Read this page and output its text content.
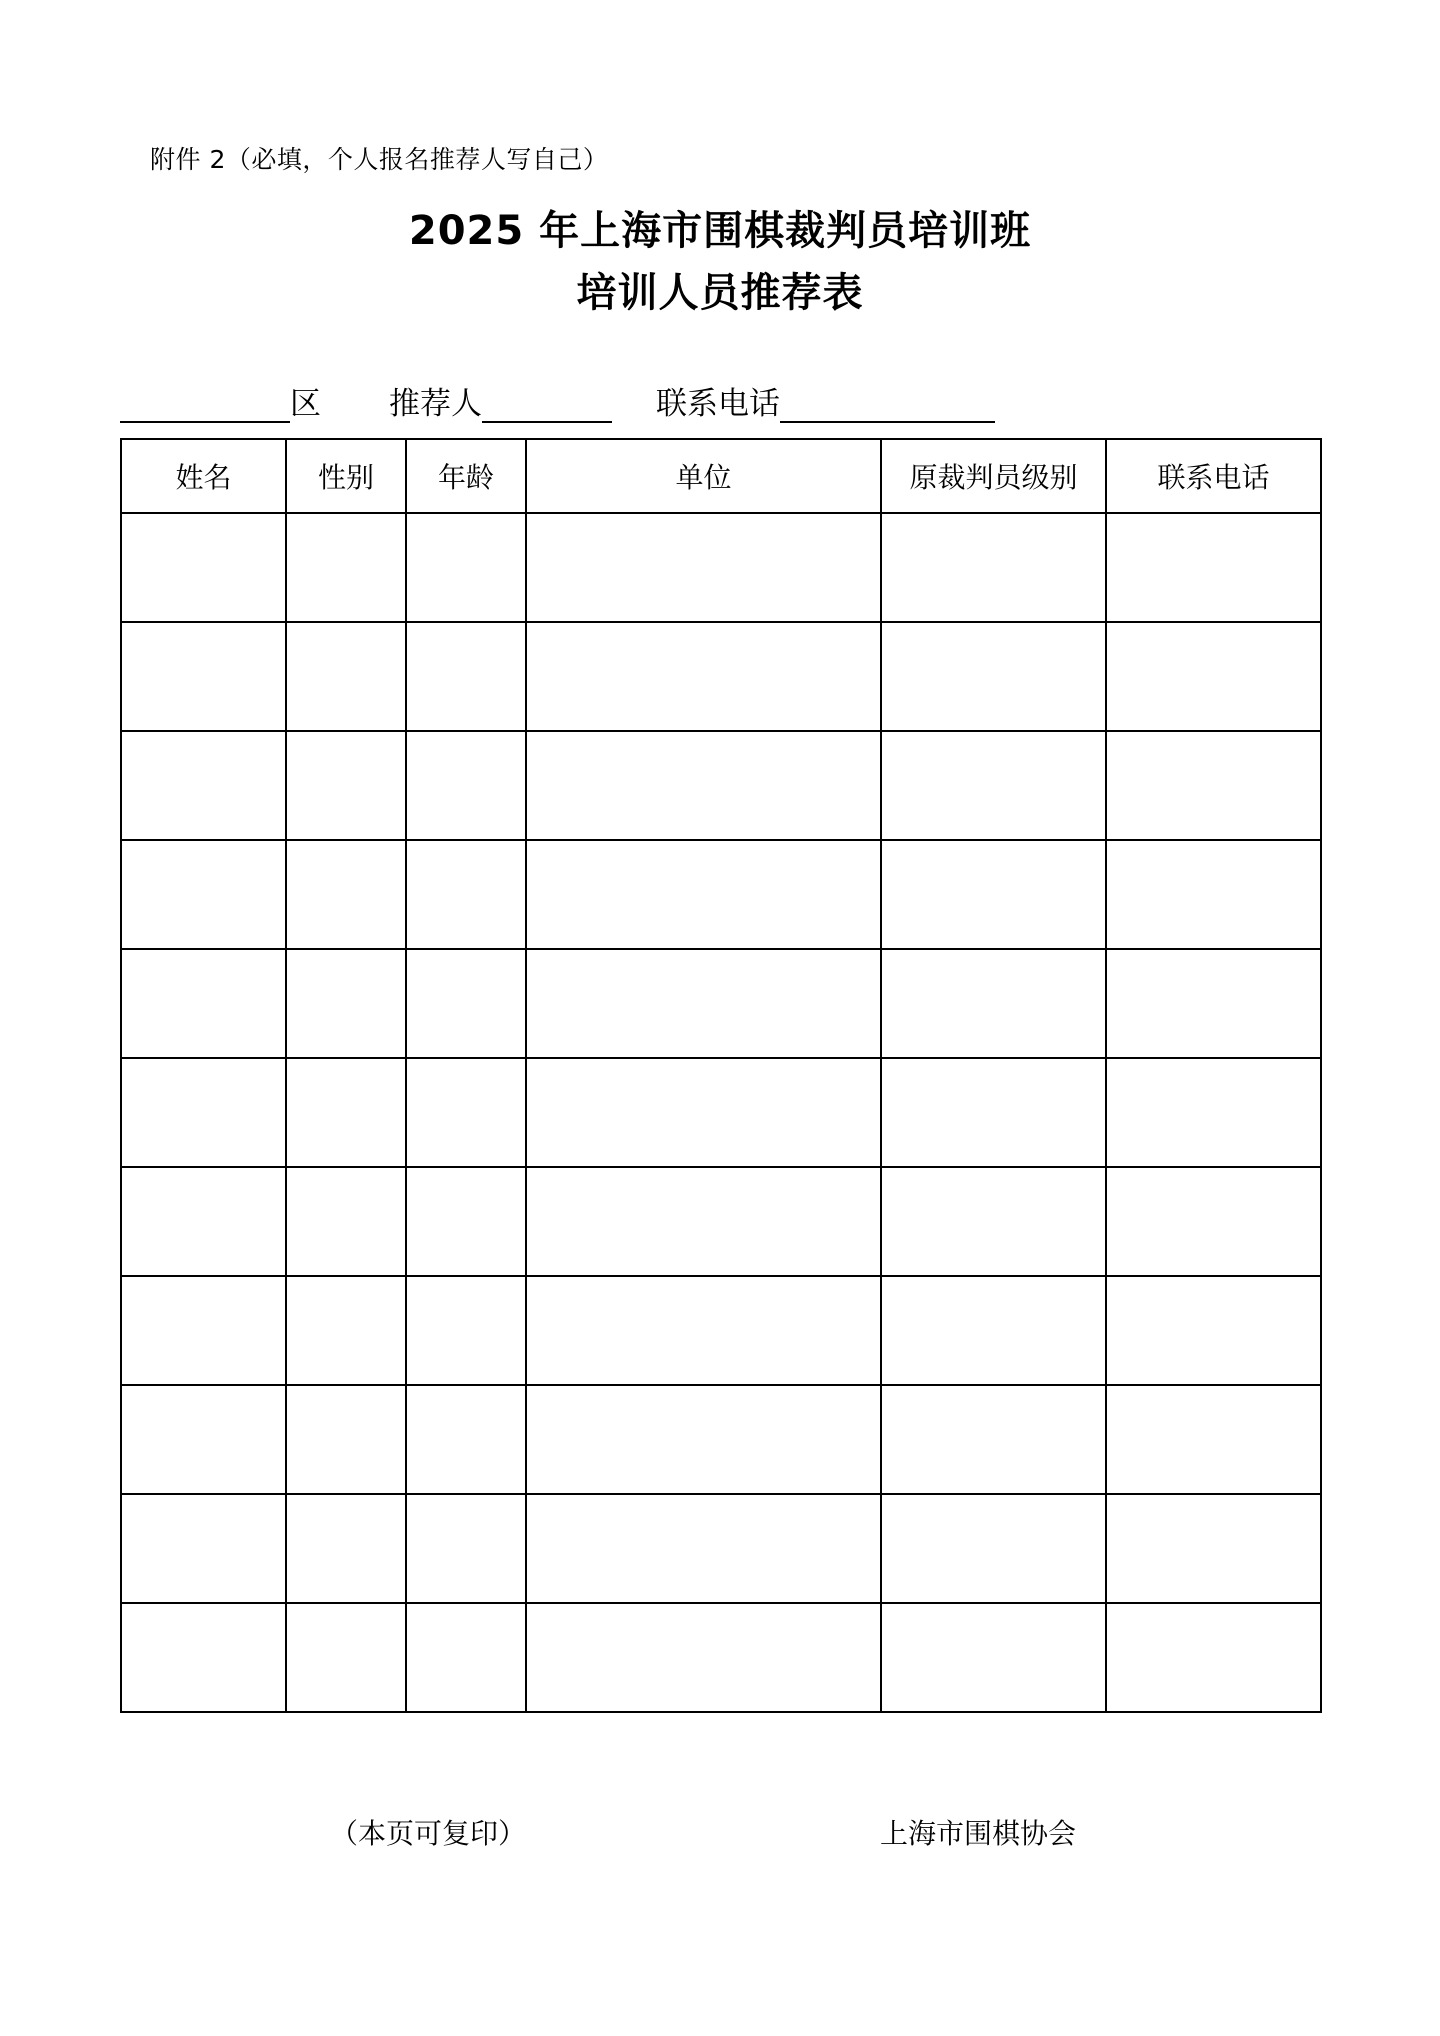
附件 2（必填，个人报名推荐人写自己）
2025 年上海市围棋裁判员培训班
培训人员推荐表
区 推荐人	联系电话
姓名	性别	年龄	单位	原裁判员级别	联系电话

（本页可复印）	上海市围棋协会
